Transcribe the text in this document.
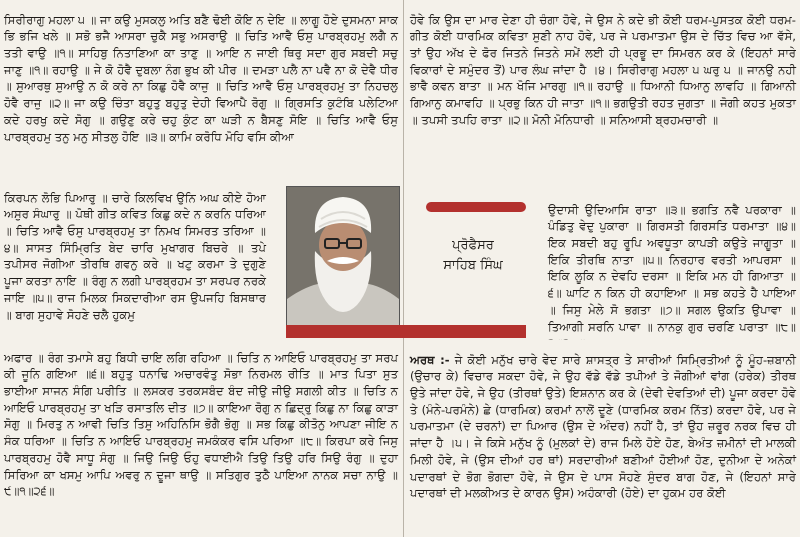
ਸਿਰੀਰਾਗੁ ਮਹਲਾ ੫ ॥ ਜਾ ਕਉ ਮੁਸਕਲੁ ਅਤਿ ਬਣੈ ਢੋਈ ਕੋਇ ਨ ਦੇਇ ॥ ਲਾਗੂ ਹੋਏ ਦੁਸਮਨਾ ਸਾਕ ਭਿ ਭਜਿ ਖਲੇ ॥ ਸਭੋ ਭਜੈ ਆਸਰਾ ਚੁਕੈ ਸਭੁ ਅਸਰਾਉ ॥ ਚਿਤਿ ਆਵੈ ਓਸੁ ਪਾਰਬ੍ਰਹਮੁ ਲਗੈ ਨ ਤਤੀ ਵਾਉ ॥੧॥ ਸਾਹਿਬੁ ਨਿਤਾਣਿਆ ਕਾ ਤਾਣੁ ॥ ਆਇ ਨ ਜਾਈ ਥਿਰੁ ਸਦਾ ਗੁਰ ਸਬਦੀ ਸਚੁ ਜਾਣੁ ॥੧॥ ਰਹਾਉ ॥ ਜੇ ਕੋ ਹੋਵੈ ਦੁਬਲਾ ਨੰਗ ਭੁਖ ਕੀ ਪੀਰ ॥ ਦਮੜਾ ਪਲੈ ਨਾ ਪਵੈ ਨਾ ਕੋ ਦੇਵੈ ਧੀਰ ॥ ਸੁਆਰਥੁ ਸੁਆਉ ਨ ਕੋ ਕਰੇ ਨਾ ਕਿਛੁ ਹੋਵੈ ਕਾਜੁ ॥ ਚਿਤਿ ਆਵੈ ਓਸੁ ਪਾਰਬ੍ਰਹਮੁ ਤਾ ਨਿਹਚਲੁ ਹੋਵੈ ਰਾਜੁ ॥੨॥ ਜਾ ਕਉ ਚਿੰਤਾ ਬਹੁਤੁ ਬਹੁਤੁ ਦੇਹੀ ਵਿਆਪੈ ਰੋਗੁ ॥ ਗ੍ਰਿਸਤਿ ਕੁਟੰਬਿ ਪਲੇਟਿਆ ਕਦੇ ਹਰਖੁ ਕਦੇ ਸੋਗੁ ॥ ਗਉਣੁ ਕਰੇ ਚਹੁ ਕੁੰਟ ਕਾ ਘੜੀ ਨ ਬੈਸਣੁ ਸੋਇ ॥ ਚਿਤਿ ਆਵੈ ਓਸੁ ਪਾਰਬ੍ਰਹਮੁ ਤਨੁ ਮਨੁ ਸੀਤਲੁ ਹੋਇ ॥੩॥ ਕਾਮਿ ਕਰੋਧਿ ਮੋਹਿ ਵਸਿ ਕੀਆ

ਕਿਰਪਨ ਲੋਭਿ ਪਿਆਰੁ ॥ ਚਾਰੇ ਕਿਲਵਿਖ ਉਨਿ ਅਘ ਕੀਏ ਹੋਆ ਅਸੁਰ ਸੰਘਾਰੁ ॥ ਪੋਥੀ ਗੀਤ ਕਵਿਤ ਕਿਛੁ ਕਦੇ ਨ ਕਰਨਿ ਧਰਿਆ ॥ ਚਿਤਿ ਆਵੈ ਓਸੁ ਪਾਰਬ੍ਰਹਮੁ ਤਾ ਨਿਮਖ ਸਿਮਰਤ ਤਰਿਆ ॥੪॥ ਸਾਸਤ ਸਿੰਮ੍ਰਿਤਿ ਬੇਦ ਚਾਰਿ ਮੁਖਾਗਰ ਬਿਚਰੇ ॥ ਤਪੇ ਤਪੀਸਰ ਜੋਗੀਆ ਤੀਰਥਿ ਗਵਨੁ ਕਰੇ ॥ ਖਟੁ ਕਰਮਾ ਤੇ ਦੁਗੁਣੇ ਪੂਜਾ ਕਰਤਾ ਨਾਇ ॥ ਰੰਗੁ ਨ ਲਗੀ ਪਾਰਬ੍ਰਹਮ ਤਾ ਸਰਪਰ ਨਰਕੇ ਜਾਇ ॥੫॥ ਰਾਜ ਮਿਲਕ ਸਿਕਦਾਰੀਆ ਰਸ ਉਪਜਹਿ ਬਿਸਥਾਰ ॥ ਬਾਗ ਸੁਹਾਵੇ ਸੋਹਣੇ ਚਲੈ ਹੁਕਮੁ

ਅਫਾਰ ॥ ਰੰਗ ਤਮਾਸੇ ਬਹੁ ਬਿਧੀ ਚਾਇ ਲਗਿ ਰਹਿਆ ॥ ਚਿਤਿ ਨ ਆਇਓ ਪਾਰਬ੍ਰਹਮੁ ਤਾ ਸਰਪ ਕੀ ਜੂਨਿ ਗਇਆ ॥੬॥ ਬਹੁਤੁ ਧਨਾਢਿ ਅਚਾਰਵੰਤੁ ਸੋਭਾ ਨਿਰਮਲ ਰੀਤਿ ॥ ਮਾਤ ਪਿਤਾ ਸੁਤ ਭਾਈਆ ਸਾਜਨ ਸੰਗਿ ਪਰੀਤਿ ॥ ਲਸਕਰ ਤਰਕਸਬੰਦ ਬੰਦ ਜੀਉ ਜੀਉ ਸਗਲੀ ਕੀਤ ॥ ਚਿਤਿ ਨ ਆਇਓ ਪਾਰਬ੍ਰਹਮੁ ਤਾ ਖੜਿ ਰਸਾਤਲਿ ਦੀਤ ॥੭॥ ਕਾਇਆ ਰੋਗੁ ਨ ਛਿਦ੍ਰੁ ਕਿਛੁ ਨਾ ਕਿਛੁ ਕਾੜਾ ਸੋਗੁ ॥ ਮਿਰਤੁ ਨ ਆਵੀ ਚਿਤਿ ਤਿਸੁ ਅਹਿਨਿਸਿ ਭੋਗੈ ਭੋਗੁ ॥ ਸਭ ਕਿਛੁ ਕੀਤੋਨੁ ਆਪਣਾ ਜੀਇ ਨ ਸੰਕ ਧਰਿਆ ॥ ਚਿਤਿ ਨ ਆਇਓ ਪਾਰਬ੍ਰਹਮੁ ਜਮਕੰਕਰ ਵਸਿ ਪਰਿਆ ॥੮॥ ਕਿਰਪਾ ਕਰੇ ਜਿਸੁ ਪਾਰਬ੍ਰਹਮੁ ਹੋਵੈ ਸਾਧੂ ਸੰਗੁ ॥ ਜਿਉ ਜਿਉ ਓਹੁ ਵਧਾਈਐ ਤਿਉ ਤਿਉ ਹਰਿ ਸਿਉ ਰੰਗੁ ॥ ਦੁਹਾ ਸਿਰਿਆ ਕਾ ਖਸਮੁ ਆਪਿ ਅਵਰੁ ਨ ਦੂਜਾ ਥਾਉ ॥ ਸਤਿਗੁਰ ਤੁਠੈ ਪਾਇਆ ਨਾਨਕ ਸਚਾ ਨਾਉ ॥੯॥੧॥੨੬॥

ਹੋਵੇ ਕਿ ਉਸ ਦਾ ਮਾਰ ਦੇਣਾ ਹੀ ਚੰਗਾ ਹੋਵੇ, ਜੇ ਉਸ ਨੇ ਕਦੇ ਭੀ ਕੋਈ ਧਰਮ-ਪੁਸਤਕ ਕੋਈ ਧਰਮ-ਗੀਤ ਕੋਈ ਧਾਰਮਿਕ ਕਵਿਤਾ ਸੁਣੀ ਨਾਹ ਹੋਵੇ, ਪਰ ਜੇ ਪਰਮਾਤਮਾ ਉਸ ਦੇ ਚਿੱਤ ਵਿਚ ਆ ਵੱਸੇ, ਤਾਂ ਉਹ ਅੱਖ ਦੇ ਫੋਰ ਜਿਤਨੇ ਜਿਤਨੇ ਸਮੇਂ ਲਈ ਹੀ ਪ੍ਰਭੂ ਦਾ ਸਿਮਰਨ ਕਰ ਕੇ (ਇਹਨਾਂ ਸਾਰੇ ਵਿਕਾਰਾਂ ਦੇ ਸਮੁੰਦਰ ਤੋਂ) ਪਾਰ ਲੰਘ ਜਾਂਦਾ ਹੈ ।੪। ਸਿਰੀਰਾਗੁ ਮਹਲਾ ੫ ਘਰੁ ੫ ॥ ਜਾਨਉ ਨਹੀ ਭਾਵੈ ਕਵਨ ਬਾਤਾ ॥ ਮਨ ਖੋਜਿ ਮਾਰਗੁ ॥੧॥ ਰਹਾਉ ॥ ਧਿਆਨੀ ਧਿਆਨੁ ਲਾਵਹਿ ॥ ਗਿਆਨੀ ਗਿਆਨੁ ਕਮਾਵਹਿ ॥ ਪ੍ਰਭੁ ਕਿਨ ਹੀ ਜਾਤਾ ॥੧॥ ਭਗਉਤੀ ਰਹਤ ਜੁਗਤਾ ॥ ਜੋਗੀ ਕਹਤ ਮੁਕਤਾ ॥ ਤਪਸੀ ਤਪਹਿ ਰਾਤਾ ॥੨॥ ਮੋਨੀ ਮੋਨਿਧਾਰੀ ॥ ਸਨਿਆਸੀ ਬ੍ਰਹਮਚਾਰੀ ॥

ਉਦਾਸੀ ਉਦਿਆਸਿ ਰਾਤਾ ॥੩॥ ਭਗਤਿ ਨਵੈ ਪਰਕਾਰਾ ॥ ਪੰਡਿਤੁ ਵੇਦੁ ਪੁਕਾਰਾ ॥ ਗਿਰਸਤੀ ਗਿਰਸਤਿ ਧਰਮਾਤਾ ॥੪॥ ਇਕ ਸਬਦੀ ਬਹੁ ਰੂਪਿ ਅਵਧੂਤਾ ਕਾਪੜੀ ਕਉਤੇ ਜਾਗੂਤਾ ॥ ਇਕਿ ਤੀਰਥਿ ਨਾਤਾ ॥੫॥ ਨਿਰਹਾਰ ਵਰਤੀ ਆਪਰਸਾ ॥ ਇਕਿ ਲੂਕਿ ਨ ਦੇਵਹਿ ਦਰਸਾ ॥ ਇਕਿ ਮਨ ਹੀ ਗਿਆਤਾ ॥੬॥ ਘਾਟਿ ਨ ਕਿਨ ਹੀ ਕਹਾਇਆ ॥ ਸਭ ਕਹਤੇ ਹੈ ਪਾਇਆ ॥ ਜਿਸੁ ਮੇਲੇ ਸੋ ਭਗਤਾ ॥੭॥ ਸਗਲ ਉਕਤਿ ਉਪਾਵਾ ॥ ਤਿਆਗੀ ਸਰਨਿ ਪਾਵਾ ॥ ਨਾਨਕੁ ਗੁਰ ਚਰਣਿ ਪਰਾਤਾ ॥੮॥

ਅਰਥ :- ਜੇ ਕੋਈ ਮਨੁੱਖ ਚਾਰੇ ਵੇਦ ਸਾਰੇ ਸ਼ਾਸਤ੍ਰ ਤੇ ਸਾਰੀਆਂ ਸਿਮ੍ਰਿਤੀਆਂ ਨੂੰ ਮੂੰਹ-ਜ਼ਬਾਨੀ (ਉਚਾਰ ਕੇ) ਵਿਚਾਰ ਸਕਦਾ ਹੋਵੇ, ਜੇ ਉਹ ਵੱਡੇ ਵੱਡੇ ਤਪੀਆਂ ਤੇ ਜੋਗੀਆਂ ਵਾਂਗ (ਹਰੇਕ) ਤੀਰਥ ਉਤੇ ਜਾਂਦਾ ਹੋਵੇ, ਜੇ ਉਹ (ਤੀਰਥਾਂ ਉਤੇ) ਇਸ਼ਨਾਨ ਕਰ ਕੇ (ਦੇਵੀ ਦੇਵਤਿਆਂ ਦੀ) ਪੂਜਾ ਕਰਦਾ ਹੋਵੇ ਤੇ (ਮੰਨੇ-ਪਰਮੰਨੇ) ਛੇ (ਧਾਰਮਿਕ) ਕਰਮਾਂ ਨਾਲੋਂ ਦੂਣੇ (ਧਾਰਮਿਕ ਕਰਮ ਨਿੱਤ) ਕਰਦਾ ਹੋਵੇ, ਪਰ ਜੇ ਪਰਮਾਤਮਾ (ਦੇ ਚਰਨਾਂ) ਦਾ ਪਿਆਰ (ਉਸ ਦੇ ਅੰਦਰ) ਨਹੀਂ ਹੈ, ਤਾਂ ਉਹ ਜ਼ਰੂਰ ਨਰਕ ਵਿਚ ਹੀ ਜਾਂਦਾ ਹੈ ।੫। ਜੇ ਕਿਸੇ ਮਨੁੱਖ ਨੂੰ (ਮੁਲਕਾਂ ਦੇ) ਰਾਜ ਮਿਲੇ ਹੋਏ ਹੋਣ, ਬੇਅੰਤ ਜ਼ਮੀਨਾਂ ਦੀ ਮਾਲਕੀ ਮਿਲੀ ਹੋਵੇ, ਜੇ (ਉਸ ਦੀਆਂ ਹਰ ਥਾਂ) ਸਰਦਾਰੀਆਂ ਬਣੀਆਂ ਹੋਈਆਂ ਹੋਣ, ਦੁਨੀਆ ਦੇ ਅਨੇਕਾਂ ਪਦਾਰਥਾਂ ਦੇ ਭੋਗ ਭੋਗਦਾ ਹੋਵੇ, ਜੇ ਉਸ ਦੇ ਪਾਸ ਸੋਹਣੇ ਸੁੰਦਰ ਬਾਗ ਹੋਣ, ਜੇ (ਇਹਨਾਂ ਸਾਰੇ ਪਦਾਰਥਾਂ ਦੀ ਮਲਕੀਅਤ ਦੇ ਕਾਰਨ ਉਸ) ਅਹੰਕਾਰੀ (ਹੋਏ) ਦਾ ਹੁਕਮ ਹਰ ਕੋਈ

ਪ੍ਰੋਫੈਸਰ
ਸਾਹਿਬ ਸਿੰਘ
